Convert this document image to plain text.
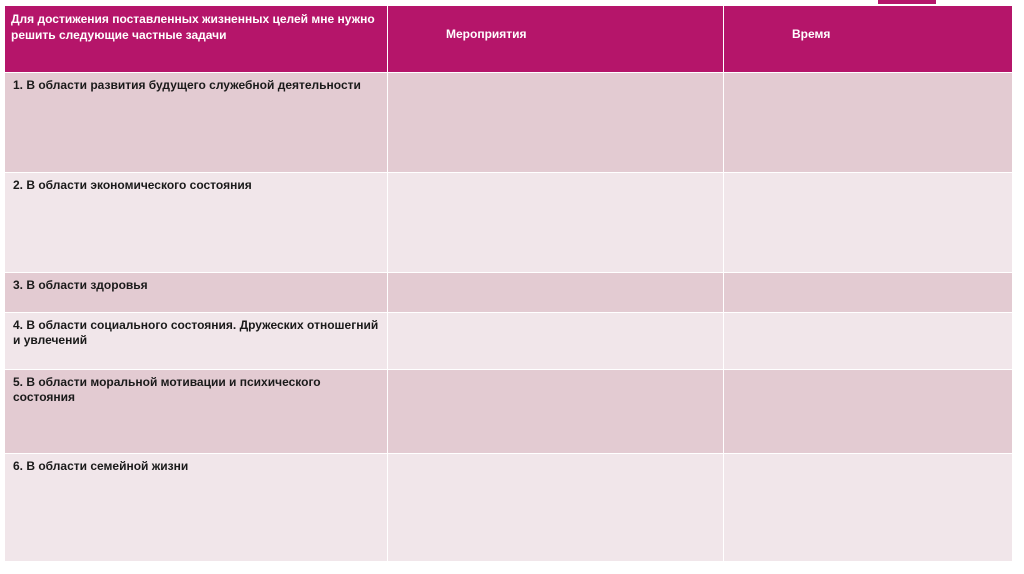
Для достижения поставленных жизненных целей мне нужно решить следующие частные задачи	Мероприятия	Время

1. В области развития будущего служебной деятельности		

2. В области экономического состояния		

3. В области здоровья		

4. В области социального состояния. Дружеских отношегний и увлечений		

5. В области моральной мотивации и психического состояния		

6. В области семейной жизни		
